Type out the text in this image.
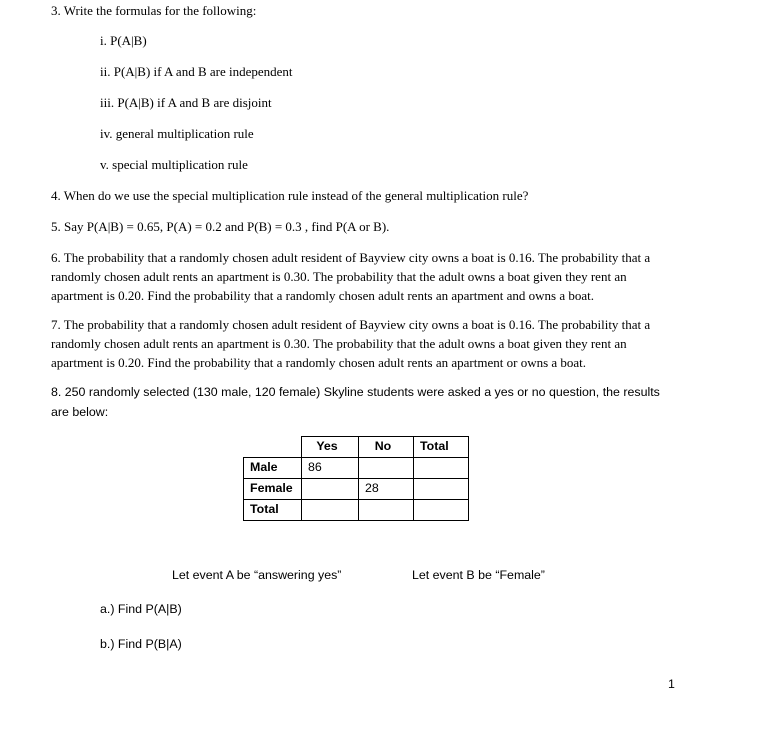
3. Write the formulas for the following:
i. P(A|B)
ii. P(A|B) if A and B are independent
iii. P(A|B) if A and B are disjoint
iv. general multiplication rule
v. special multiplication rule
4. When do we use the special multiplication rule instead of the general multiplication rule?
5. Say P(A|B) = 0.65, P(A) = 0.2 and P(B) = 0.3 , find P(A or B).
6. The probability that a randomly chosen adult resident of Bayview city owns a boat is 0.16. The probability that a randomly chosen adult rents an apartment is 0.30. The probability that the adult owns a boat given they rent an apartment is 0.20. Find the probability that a randomly chosen adult rents an apartment and owns a boat.
7. The probability that a randomly chosen adult resident of Bayview city owns a boat is 0.16. The probability that a randomly chosen adult rents an apartment is 0.30. The probability that the adult owns a boat given they rent an apartment is 0.20. Find the probability that a randomly chosen adult rents an apartment or owns a boat.
8. 250 randomly selected (130 male, 120 female) Skyline students were asked a yes or no question, the results are below:
	Yes	No	Total
Male	86		
Female		28	
Total			
Let event A be “answering yes”	Let event B be “Female”
a.) Find P(A|B)
b.) Find P(B|A)
1
